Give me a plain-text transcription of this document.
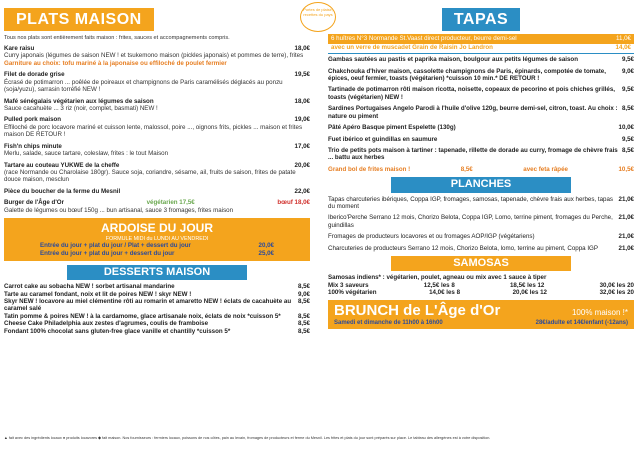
PLATS MAISON
Portes de plaisir, recettes du pays
Tous nos plats sont entièrement faits maison : frites, sauces et accompagnements compris.
Kare raisu	18,0€
Curry japonais (légumes de saison NEW ! et tsukemono maison (pickles japonais) et pommes de terre), frites
Garniture au choix: tofu mariné à la japonaise ou effiloché de poulet fermier
Filet de dorade grise	19,5€
Écrasé de potimarron ... poêlée de poireaux et champignons de Paris caramélisés déglacés au ponzu (soja/yuzu), sarrasin torréfié NEW !
Mafé sénégalais végétarien aux légumes de saison	18,0€
Sauce cacahuète ... 3 riz (noir, complet, basmati) NEW !
Pulled pork maison	19,0€
Effiloché de porc locavore mariné et cuisson lente, malossol, poire ..., oignons frits, pickles ... maison et frites maison DE RETOUR !
Fish'n chips minute	17,0€
Merlu, salade, sauce tartare, coleslaw, frites : le tout Maison
Tartare au couteau YUKWE de la cheffe	20,0€
(race Normande ou Charolaise 180gr). Sauce soja, coriandre, sésame, ail, fruits de saison, frites de patate douce maison, mesclun
Pièce du boucher de la ferme du Mesnil	22,0€
Burger de l'Âge d'Or	végétarien 17,5€	bœuf 18,0€
Galette de légumes ou bœuf 150g ... bun artisanal, sauce 3 fromages, frites maison
ARDOISE DU JOUR
FORMULE MIDI du LUNDI AU VENDREDI
Entrée du jour + plat du jour / Plat + dessert du jour	20,0€
Entrée du jour + plat du jour + dessert du jour	25,0€
DESSERTS MAISON
Carrot cake au sobacha NEW ! sorbet artisanal mandarine	8,5€
Tarte au caramel fondant, noix et lit de poires NEW ! skyr NEW !	9,0€
Skyr NEW ! locavore au miel clémentine rôti au romarin et amaretto NEW ! éclats de cacahuète au caramel salé
8,5€
Tatin pomme & poires NEW ! à la cardamome, glace artisanale noix, éclats de noix *cuisson 5*	8,5€
Cheese Cake Philadelphia aux zestes d'agrumes, coulis de framboise	8,5€
Fondant 100% chocolat sans gluten-free glace vanille et chantilly *cuisson 5*	8,5€
TAPAS
6 huîtres N°3 Normande St.Vaast direct producteur, beurre demi-sel	11,0€
avec un verre de muscadet Grain de Raisin Jo Landron	14,0€
Gambas sautées au pastis et paprika maison, boulgour aux petits légumes de saison	9,5€
Chakchouka d'hiver maison, cassolette champignons de Paris, épinards, compotée de tomate, épices, oeuf fermier, toasts (végétarien) *cuisson 10 min.* DE RETOUR !
9,0€
Tartinade de potimarron rôti maison ricotta, noisette, copeaux de pecorino et pois chiches grillés, toasts (végétarien) NEW !
9,5€
Sardines Portugaises Angelo Parodi à l'huile d'olive 120g, beurre demi-sel, citron, toast. Au choix : nature ou piment
8,5€
Pâté Apéro Basque piment Espelette (130g)	10,0€
Fuet ibérico et guindillas en saumure	9,5€
Trio de petits pots maison à tartiner : tapenade, rillette de dorade au curry, fromage de chèvre frais ... battu aux herbes
8,5€
Grand bol de frites maison !	8,5€	avec feta râpée	10,5€
PLANCHES
Tapas charcuteries ibériques, Coppa IGP, fromages, samosas, tapenade, chèvre frais aux herbes, tapas du moment
21,0€
Iberico'Perche Serrano 12 mois, Chorizo Belota, Coppa IGP, Lomo, terrine piment, fromages du Perche, guindillas
21,0€
Fromages de producteurs locavores et ou fromages AOP/IGP (végétariens)	21,0€
Charcuteries de producteurs Serrano 12 mois, Chorizo Belota, lomo, terrine au piment, Coppa IGP	21,0€
SAMOSAS
Samosas indiens* : végétarien, poulet, agneau ou mix avec 1 sauce à tiper
Mix 3 saveurs	12,5€ les 8	18,5€ les 12	30,0€ les 20
100% végétarien	14,0€ les 8	20,0€ les 12	32,0€ les 20
BRUNCH de L'Âge d'Or	100% maison !*
Samedi et dimanche de 11h00 à 16h00	28€/adulte et 14€/enfant (-12ans)
▲ fait avec des ingrédients locaux ● produits locavores ◆ fait maison. Nos fournisseurs : fermiers locaux, poissons de nos côtes, pain au levain, fromages de producteurs et ferme du Mesnil. Les frites et plats du jour sont préparés sur place. Le tableau des allergènes est à votre disposition.
